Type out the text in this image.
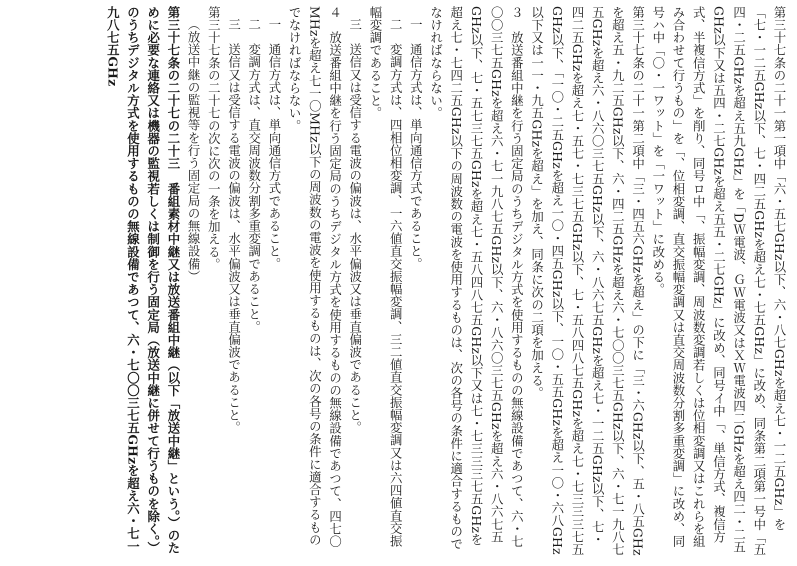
第三十七条の二十一第一項中「六・五七GHz以下、六・八七GHzを超え七・一二五GHz」を「七・一二五GHz以下、七・四二五GHzを超え七・七五GHz」に改め、同条第二項第一号中「五四・二五GHzを超え五九GHz」を「DＷ電波、ＧＷ電波又はＸＷ電波四二GHzを超え四二・二五GHz以下又は五四・二七GHzを超え五五・二七GHz」に改め、同号イ中「、単信方式、複信方式、半複信方式」を削り、同号ロ中「、振幅変調、周波数変調若しくは位相変調又はこれらを組み合わせて行うもの」を「、位相変調、直交振幅変調又は直交周波数分割多重変調」に改め、同号ハ中「〇・一ワット」を「一ワット」に改める。

第三十七条の二十一第二項中「三・四五六GHzを超え」の下に「三・六GHz以下、五・八五GHzを超え五・九二五GHz以下、六・四二五GHzを超え六・七〇〇三七五GHz以下、六・七一九八七五GHzを超え六・八六〇三七五GHz以下、六・八六七五GHzを超え七・一二五GHz以下、七・四二五GHzを超え七・五七・七三七五GHz以下、七・五八四八七五GHzを超え七・七三三三七五GHz以下、「一〇・二五GHzを超え一〇・四五GHz以下、一〇・五五GHzを超え一〇・六八GHz以下又は一一・九五GHzを超え」を加え、同条に次の二項を加える。

３　放送番組中継を行う固定局のうちデジタル方式を使用するものの無線設備であつて、六・七〇〇三七五GHzを超え六・七一九八七五GHz以下、六・八六〇三七五GHzを超え六・八六七五GHz以下、七・五七三七五GHzを超え七・五八四八七五GHz以下又は七・七三三三七五GHzを超え七・七四二五GHz以下の周波数の電波を使用するものは、次の各号の条件に適合するものでなければならない。

一　通信方式は、単向通信方式であること。

二　変調方式は、四相位相変調、一六値直交振幅変調、三二値直交振幅変調又は六四値直交振幅変調であること。

三　送信又は受信する電波の偏波は、水平偏波又は垂直偏波であること。

４　放送番組中継を行う固定局のうちデジタル方式を使用するものの無線設備であつて、四七〇MHzを超え七一〇MHz以下の周波数の電波を使用するものは、次の各号の条件に適合するものでなければならない。

一　通信方式は、単向通信方式であること。

二　変調方式は、直交周波数分割多重変調であること。

三　送信又は受信する電波の偏波は、水平偏波又は垂直偏波であること。

第三十七条の二十七の次に次の一条を加える。

（放送中継の監視等を行う固定局の無線設備）

第三十七条の二十七の二十三　番組素材中継又は放送番組中継（以下「放送中継」という。）のために必要な連絡又は機器の監視若しくは制御を行う固定局（放送中継に併せて行うものを除く。）のうちデジタル方式を使用するものの無線設備であつて、六・七〇〇三七五GHzを超え六・七一九八七五GHz
